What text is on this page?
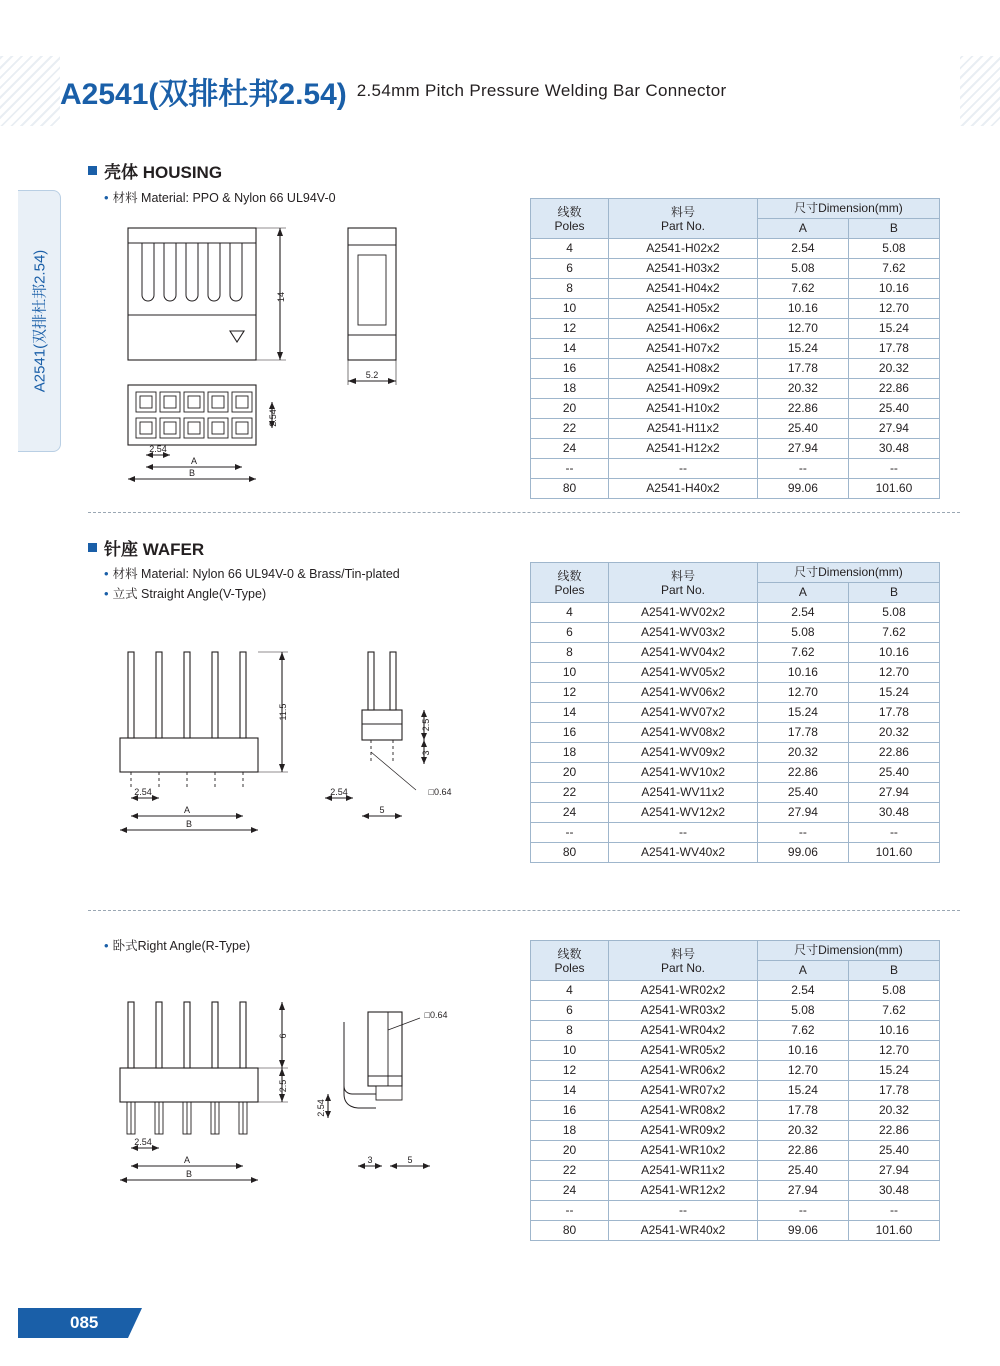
A2541(双排杜邦2.54) 2.54mm Pitch Pressure Welding Bar Connector
A2541(双排杜邦2.54)
壳体 HOUSING
• 材料 Material: PPO & Nylon 66 UL94V-0
14
5.2
2.54
2.54
A
B
线数
Poles	料号
Part No.	尺寸Dimension(mm)	
		A	B
4	A2541-H02x2	2.54	5.08
6	A2541-H03x2	5.08	7.62
8	A2541-H04x2	7.62	10.16
10	A2541-H05x2	10.16	12.70
12	A2541-H06x2	12.70	15.24
14	A2541-H07x2	15.24	17.78
16	A2541-H08x2	17.78	20.32
18	A2541-H09x2	20.32	22.86
20	A2541-H10x2	22.86	25.40
22	A2541-H11x2	25.40	27.94
24	A2541-H12x2	27.94	30.48
--	--	--	--
80	A2541-H40x2	99.06	101.60
针座 WAFER
• 材料 Material: Nylon 66 UL94V-0 & Brass/Tin-plated
• 立式 Straight Angle(V-Type)
11.5
2.54
A
B
2.5
3
2.54	□0.64
5
线数
Poles	料号
Part No.	尺寸Dimension(mm)	
		A	B
4	A2541-WV02x2	2.54	5.08
6	A2541-WV03x2	5.08	7.62
8	A2541-WV04x2	7.62	10.16
10	A2541-WV05x2	10.16	12.70
12	A2541-WV06x2	12.70	15.24
14	A2541-WV07x2	15.24	17.78
16	A2541-WV08x2	17.78	20.32
18	A2541-WV09x2	20.32	22.86
20	A2541-WV10x2	22.86	25.40
22	A2541-WV11x2	25.40	27.94
24	A2541-WV12x2	27.94	30.48
--	--	--	--
80	A2541-WV40x2	99.06	101.60
• 卧式Right Angle(R-Type)
6
2.5
2.54
A
B
2.54
□0.64
3	5
线数
Poles	料号
Part No.	尺寸Dimension(mm)	
		A	B
4	A2541-WR02x2	2.54	5.08
6	A2541-WR03x2	5.08	7.62
8	A2541-WR04x2	7.62	10.16
10	A2541-WR05x2	10.16	12.70
12	A2541-WR06x2	12.70	15.24
14	A2541-WR07x2	15.24	17.78
16	A2541-WR08x2	17.78	20.32
18	A2541-WR09x2	20.32	22.86
20	A2541-WR10x2	22.86	25.40
22	A2541-WR11x2	25.40	27.94
24	A2541-WR12x2	27.94	30.48
--	--	--	--
80	A2541-WR40x2	99.06	101.60
085
